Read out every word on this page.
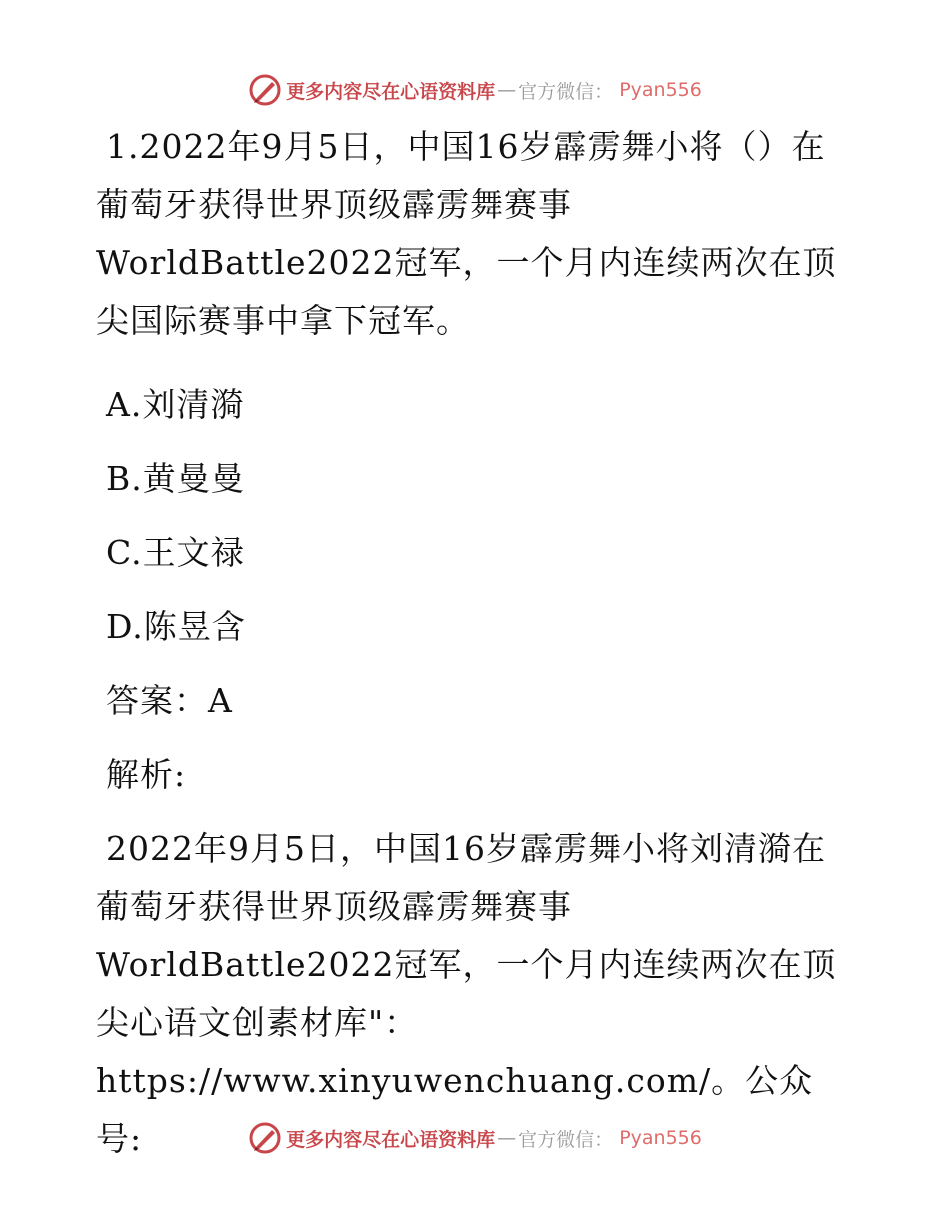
更多内容尽在心语资料库 — 官方微信： Pyan556

1.2022年9月5日，中国16岁霹雳舞小将（）在葡萄牙获得世界顶级霹雳舞赛事WorldBattle2022冠军，一个月内连续两次在顶尖国际赛事中拿下冠军。

A.刘清漪

B.黄曼曼

C.王文禄

D.陈昱含

答案：A

解析:

2022年9月5日，中国16岁霹雳舞小将刘清漪在葡萄牙获得世界顶级霹雳舞赛事WorldBattle2022冠军，一个月内连续两次在顶尖心语文创素材库"：https://www.xinyuwenchuang.com/。公众号:	更多内容尽在心语资料库 — 官方微信： Pyan556
